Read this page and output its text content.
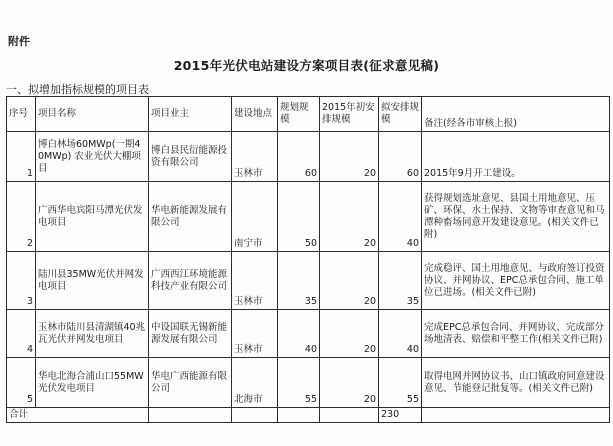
附件
2015年光伏电站建设方案项目表(征求意见稿)
一、拟增加指标规模的项目表
序号	项目名称	项目业主	建设地点	规划规模	2015年初安排规模	拟安排规模	备注(经各市审核上报)
1	博白林场60MWp(一期40MWp) 农业光伏大棚项目	博白县民衍能源投资有限公司	玉林市	60	20	60	2015年9月开工建设。
2	广西华电宾阳马潭光伏发电项目	华电新能源发展有限公司	南宁市	50	20	40	获得规划选址意见、县国土用地意见、压矿、环保、水土保持、文物等审查意见和马潭种畜场同意开发建设意见。(相关文件已附)
3	陆川县35MW光伏并网发电项目	广西西江环境能源科技产业有限公司	玉林市	35	20	35	完成稳评、国土用地意见、与政府签订投资协议、并网协议、EPC总承包合同、施工单位已进场。(相关文件已附)
4	玉林市陆川县清湖镇40兆瓦光伏并网发电项目	中设国联无锡新能源发展有限公司	玉林市	40	20	40	完成EPC总承包合同、并网协议、完成部分场地清表、赔偿和平整工作(相关文件已附)
5	华电北海合浦山口55MW光伏发电项目	华电广西能源有限公司	北海市	55	20	55	取得电网并网协议书、山口镇政府同意建设意见、节能登记批复等。(相关文件已附)
合计						230	
